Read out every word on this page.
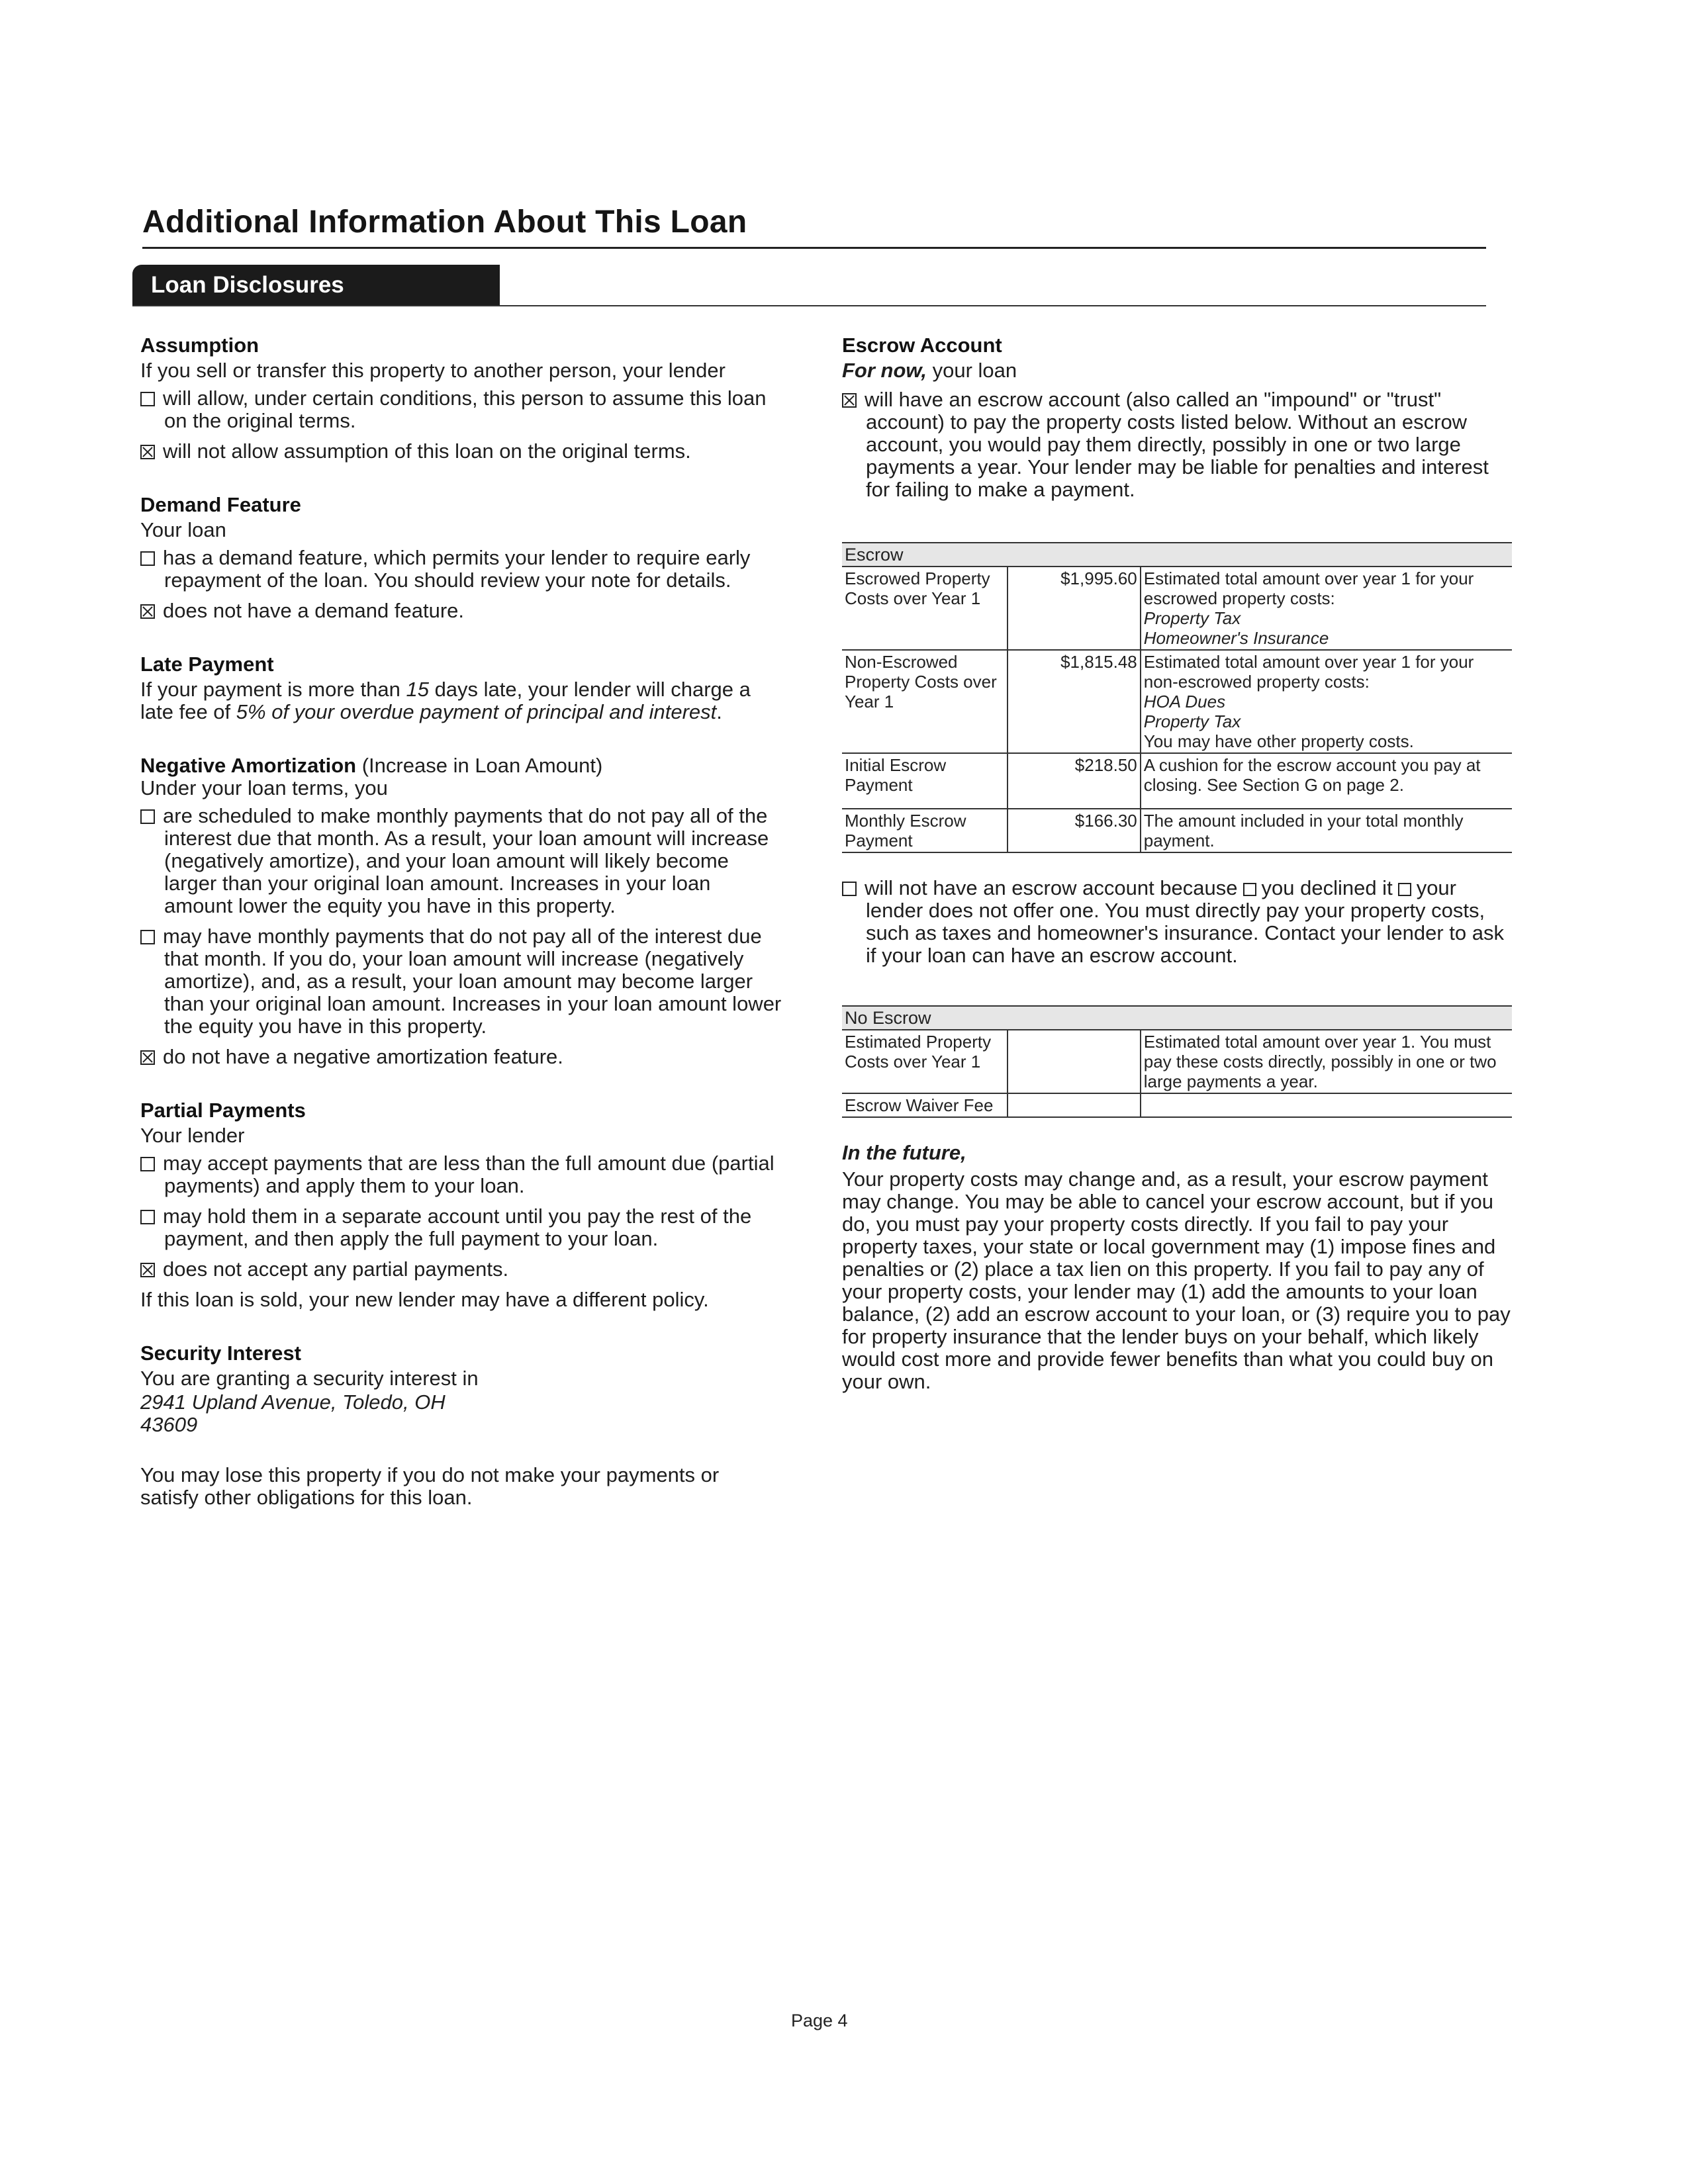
Additional Information About This Loan
Loan Disclosures
Assumption

If you sell or transfer this property to another person, your lender

will allow, under certain conditions, this person to assume this loan on the original terms.
will not allow assumption of this loan on the original terms.
Demand Feature

Your loan

has a demand feature, which permits your lender to require early repayment of the loan. You should review your note for details.
does not have a demand feature.
Late Payment

If your payment is more than 15 days late, your lender will charge a late fee of 5% of your overdue payment of principal and interest.

Negative Amortization (Increase in Loan Amount)

Under your loan terms, you

are scheduled to make monthly payments that do not pay all of the interest due that month. As a result, your loan amount will increase (negatively amortize), and your loan amount will likely become larger than your original loan amount. Increases in your loan amount lower the equity you have in this property.
may have monthly payments that do not pay all of the interest due that month. If you do, your loan amount will increase (negatively amortize), and, as a result, your loan amount may become larger than your original loan amount. Increases in your loan amount lower the equity you have in this property.
do not have a negative amortization feature.
Partial Payments

Your lender

may accept payments that are less than the full amount due (partial payments) and apply them to your loan.
may hold them in a separate account until you pay the rest of the payment, and then apply the full payment to your loan.
does not accept any partial payments.

If this loan is sold, your new lender may have a different policy.

Security Interest

You are granting a security interest in

2941 Upland Avenue, Toledo, OH
43609

You may lose this property if you do not make your payments or satisfy other obligations for this loan.

Escrow Account

For now, your loan

will have an escrow account (also called an "impound" or "trust" account) to pay the property costs listed below. Without an escrow account, you would pay them directly, possibly in one or two large payments a year. Your lender may be liable for penalties and interest for failing to make a payment.
Escrow		
Escrowed Property Costs over Year 1	$1,995.60	Estimated total amount over year 1 for your escrowed property costs:
Property Tax
Homeowner's Insurance

Non-Escrowed Property Costs over Year 1	$1,815.48	Estimated total amount over year 1 for your non-escrowed property costs:
HOA Dues
Property Tax
You may have other property costs.

Initial Escrow Payment	$218.50	A cushion for the escrow account you pay at closing. See Section G on page 2.
Monthly Escrow Payment	$166.30	The amount included in your total monthly payment.
will not have an escrow account because you declined it your lender does not offer one. You must directly pay your property costs, such as taxes and homeowner's insurance. Contact your lender to ask if your loan can have an escrow account.
No Escrow		
Estimated Property Costs over Year 1		Estimated total amount over year 1. You must pay these costs directly, possibly in one or two large payments a year.
Escrow Waiver Fee		
In the future,

Your property costs may change and, as a result, your escrow payment may change. You may be able to cancel your escrow account, but if you do, you must pay your property costs directly. If you fail to pay your property taxes, your state or local government may (1) impose fines and penalties or (2) place a tax lien on this property. If you fail to pay any of your property costs, your lender may (1) add the amounts to your loan balance, (2) add an escrow account to your loan, or (3) require you to pay for property insurance that the lender buys on your behalf, which likely would cost more and provide fewer benefits than what you could buy on your own.

Page 4
